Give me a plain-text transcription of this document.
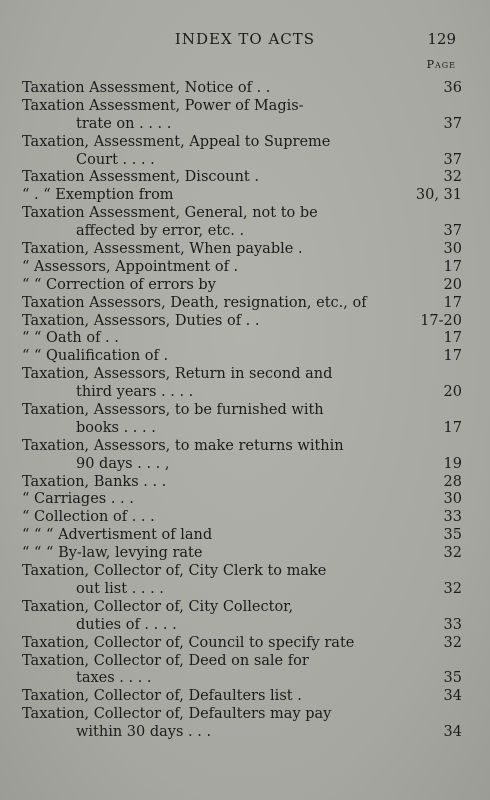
INDEX TO ACTS	129
Page
Taxation Assessment, Notice of . .	36
Taxation Assessment, Power of Magis-
trate on . . . .	37
Taxation, Assessment, Appeal to Supreme
Court . . . .	37
Taxation Assessment, Discount .	32
“ . “ Exemption from	30, 31
Taxation Assessment, General, not to be
affected by error, etc. .	37
Taxation, Assessment, When payable .	30
“ Assessors, Appointment of .	17
“ “ Correction of errors by	20
Taxation Assessors, Death, resignation, etc., of	17
Taxation, Assessors, Duties of . .	17-20
“ “ Oath of . .	17
“ “ Qualification of .	17
Taxation, Assessors, Return in second and
third years . . . .	20
Taxation, Assessors, to be furnished with
books . . . .	17
Taxation, Assessors, to make returns within
90 days . . . ,	19
Taxation, Banks . . .	28
“ Carriages . . .	30
“ Collection of . . .	33
“ “ “ Advertisment of land	35
“ “ “ By-law, levying rate	32
Taxation, Collector of, City Clerk to make
out list . . . .	32
Taxation, Collector of, City Collector,
duties of . . . .	33
Taxation, Collector of, Council to specify rate	32
Taxation, Collector of, Deed on sale for
taxes . . . .	35
Taxation, Collector of, Defaulters list .	34
Taxation, Collector of, Defaulters may pay
within 30 days . . .	34
